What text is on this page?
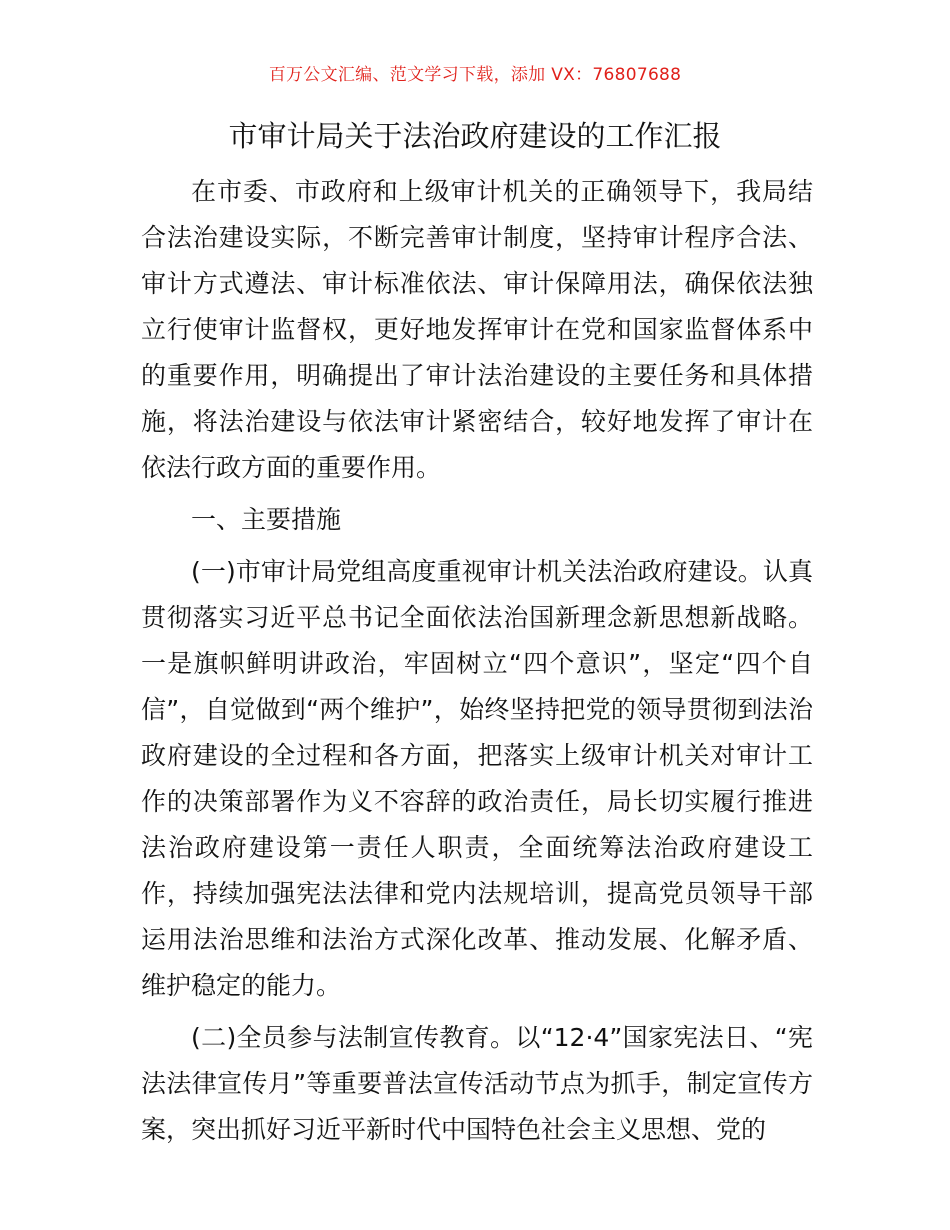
百万公文汇编、范文学习下载，添加 VX：76807688
市审计局关于法治政府建设的工作汇报

在市委、市政府和上级审计机关的正确领导下，我局结合法治建设实际，不断完善审计制度，坚持审计程序合法、审计方式遵法、审计标准依法、审计保障用法，确保依法独立行使审计监督权，更好地发挥审计在党和国家监督体系中的重要作用，明确提出了审计法治建设的主要任务和具体措施，将法治建设与依法审计紧密结合，较好地发挥了审计在依法行政方面的重要作用。

一、主要措施

(一)市审计局党组高度重视审计机关法治政府建设。认真贯彻落实习近平总书记全面依法治国新理念新思想新战略。一是旗帜鲜明讲政治，牢固树立“四个意识”，坚定“四个自信”，自觉做到“两个维护”，始终坚持把党的领导贯彻到法治政府建设的全过程和各方面，把落实上级审计机关对审计工作的决策部署作为义不容辞的政治责任，局长切实履行推进法治政府建设第一责任人职责，全面统筹法治政府建设工作，持续加强宪法法律和党内法规培训，提高党员领导干部运用法治思维和法治方式深化改革、推动发展、化解矛盾、维护稳定的能力。

(二)全员参与法制宣传教育。以“12·4”国家宪法日、“宪法法律宣传月”等重要普法宣传活动节点为抓手，制定宣传方案，突出抓好习近平新时代中国特色社会主义思想、党的
